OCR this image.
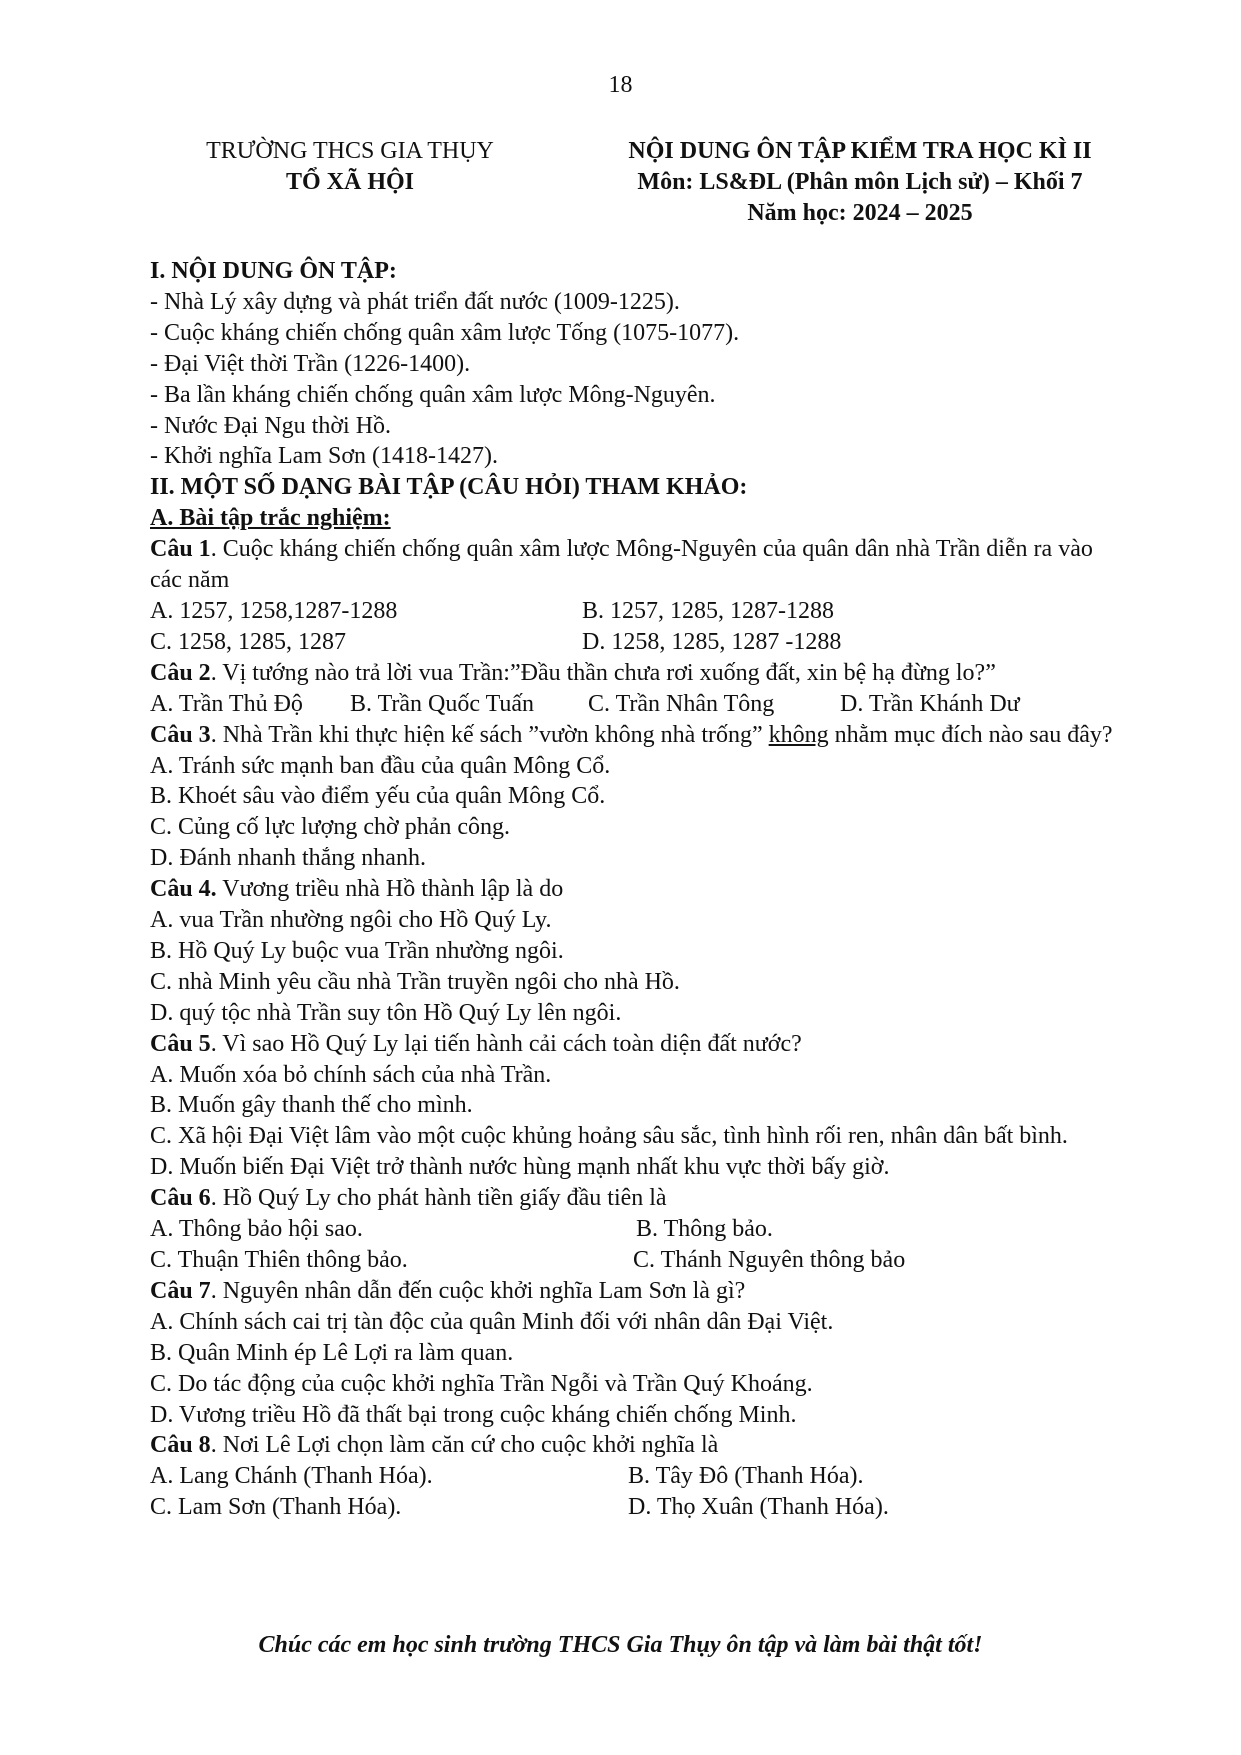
18
TRƯỜNG THCS GIA THỤY
TỔ XÃ HỘI
NỘI DUNG ÔN TẬP KIỂM TRA HỌC KÌ II
Môn: LS&ĐL (Phân môn Lịch sử) – Khối 7
Năm học: 2024 – 2025
I. NỘI DUNG ÔN TẬP:
- Nhà Lý xây dựng và phát triển đất nước (1009-1225).
- Cuộc kháng chiến chống quân xâm lược Tống (1075-1077).
- Đại Việt thời Trần (1226-1400).
- Ba lần kháng chiến chống quân xâm lược Mông-Nguyên.
- Nước Đại Ngu thời Hồ.
- Khởi nghĩa Lam Sơn (1418-1427).
II. MỘT SỐ DẠNG BÀI TẬP (CÂU HỎI) THAM KHẢO:
A. Bài tập trắc nghiệm:
Câu 1. Cuộc kháng chiến chống quân xâm lược Mông-Nguyên của quân dân nhà Trần diễn ra vào các năm
A. 1257, 1258,1287-1288	B. 1257, 1285, 1287-1288
C. 1258, 1285, 1287	D. 1258, 1285, 1287 -1288
Câu 2. Vị tướng nào trả lời vua Trần:”Đầu thần chưa rơi xuống đất, xin bệ hạ đừng lo?”
A. Trần Thủ Độ	B. Trần Quốc Tuấn	C. Trần Nhân Tông	D. Trần Khánh Dư
Câu 3. Nhà Trần khi thực hiện kế sách ”vườn không nhà trống” không nhằm mục đích nào sau đây?
A. Tránh sức mạnh ban đầu của quân Mông Cổ.
B. Khoét sâu vào điểm yếu của quân Mông Cổ.
C. Củng cố lực lượng chờ phản công.
D. Đánh nhanh thắng nhanh.
Câu 4. Vương triều nhà Hồ thành lập là do
A. vua Trần nhường ngôi cho Hồ Quý Ly.
B. Hồ Quý Ly buộc vua Trần nhường ngôi.
C. nhà Minh yêu cầu nhà Trần truyền ngôi cho nhà Hồ.
D. quý tộc nhà Trần suy tôn Hồ Quý Ly lên ngôi.
Câu 5. Vì sao Hồ Quý Ly lại tiến hành cải cách toàn diện đất nước?
A. Muốn xóa bỏ chính sách của nhà Trần.
B. Muốn gây thanh thế cho mình.
C. Xã hội Đại Việt lâm vào một cuộc khủng hoảng sâu sắc, tình hình rối ren, nhân dân bất bình.
D. Muốn biến Đại Việt trở thành nước hùng mạnh nhất khu vực thời bấy giờ.
Câu 6. Hồ Quý Ly cho phát hành tiền giấy đầu tiên là
A. Thông bảo hội sao.	B. Thông bảo.
C. Thuận Thiên thông bảo.	C. Thánh Nguyên thông bảo
Câu 7. Nguyên nhân dẫn đến cuộc khởi nghĩa Lam Sơn là gì?
A. Chính sách cai trị tàn độc của quân Minh đối với nhân dân Đại Việt.
B. Quân Minh ép Lê Lợi ra làm quan.
C. Do tác động của cuộc khởi nghĩa Trần Ngỗi và Trần Quý Khoáng.
D. Vương triều Hồ đã thất bại trong cuộc kháng chiến chống Minh.
Câu 8. Nơi Lê Lợi chọn làm căn cứ cho cuộc khởi nghĩa là
A. Lang Chánh (Thanh Hóa).	B. Tây Đô (Thanh Hóa).
C. Lam Sơn (Thanh Hóa).	D. Thọ Xuân (Thanh Hóa).
Chúc các em học sinh trường THCS Gia Thụy ôn tập và làm bài thật tốt!
